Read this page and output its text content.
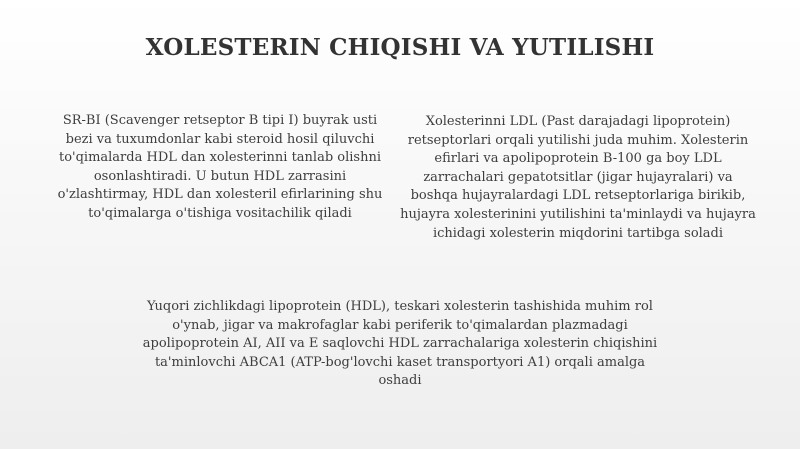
XOLESTERIN CHIQISHI VA YUTILISHI

SR-BI (Scavenger retseptor B tipi I) buyrak usti bezi va tuxumdonlar kabi steroid hosil qiluvchi to'qimalarda HDL dan xolesterinni tanlab olishni osonlashtiradi. U butun HDL zarrasini o'zlashtirmay, HDL dan xolesteril efirlarining shu to'qimalarga o'tishiga vositachilik qiladi

Xolesterinni LDL (Past darajadagi lipoprotein) retseptorlari orqali yutilishi juda muhim. Xolesterin efirlari va apolipoprotein B-100 ga boy LDL zarrachalari gepatotsitlar (jigar hujayralari) va boshqa hujayralardagi LDL retseptorlariga birikib, hujayra xolesterinini yutilishini ta'minlaydi va hujayra ichidagi xolesterin miqdorini tartibga soladi

Yuqori zichlikdagi lipoprotein (HDL), teskari xolesterin tashishida muhim rol o'ynab, jigar va makrofaglar kabi periferik to'qimalardan plazmadagi apolipoprotein AI, AII va E saqlovchi HDL zarrachalariga xolesterin chiqishini ta'minlovchi ABCA1 (ATP-bog'lovchi kaset transportyori A1) orqali amalga oshadi
